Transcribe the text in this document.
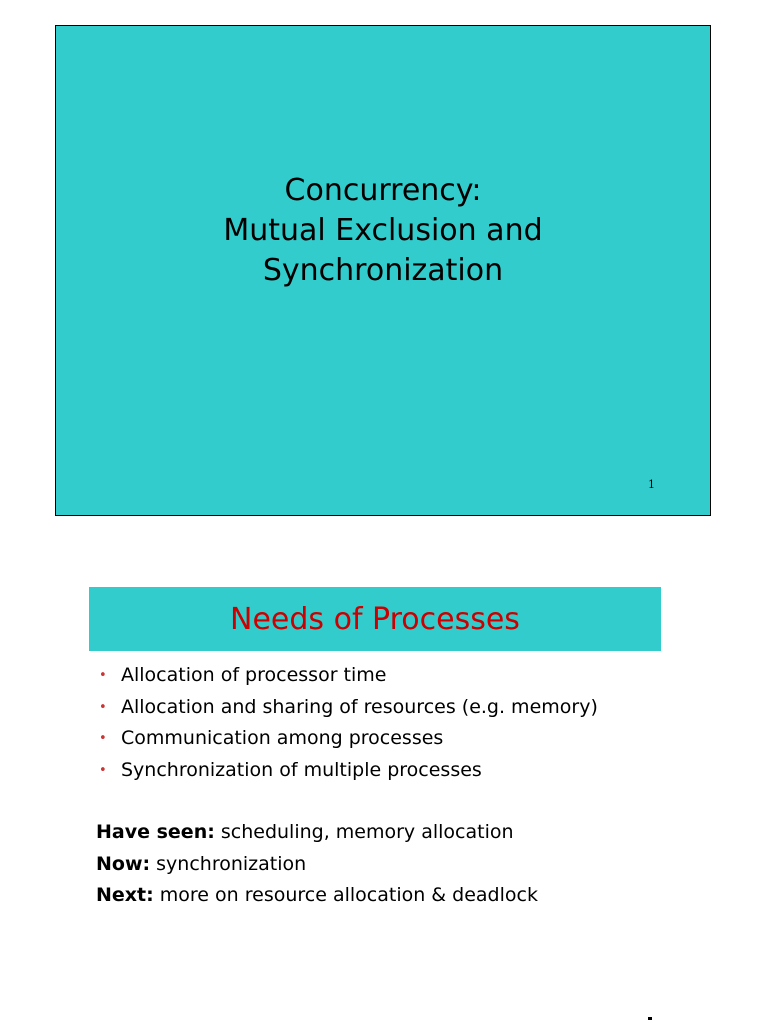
Concurrency:
Mutual Exclusion and
Synchronization
1
Needs of Processes
• Allocation of processor time
• Allocation and sharing of resources (e.g. memory)
• Communication among processes
• Synchronization of multiple processes
Have seen: scheduling, memory allocation
Now: synchronization
Next: more on resource allocation & deadlock
